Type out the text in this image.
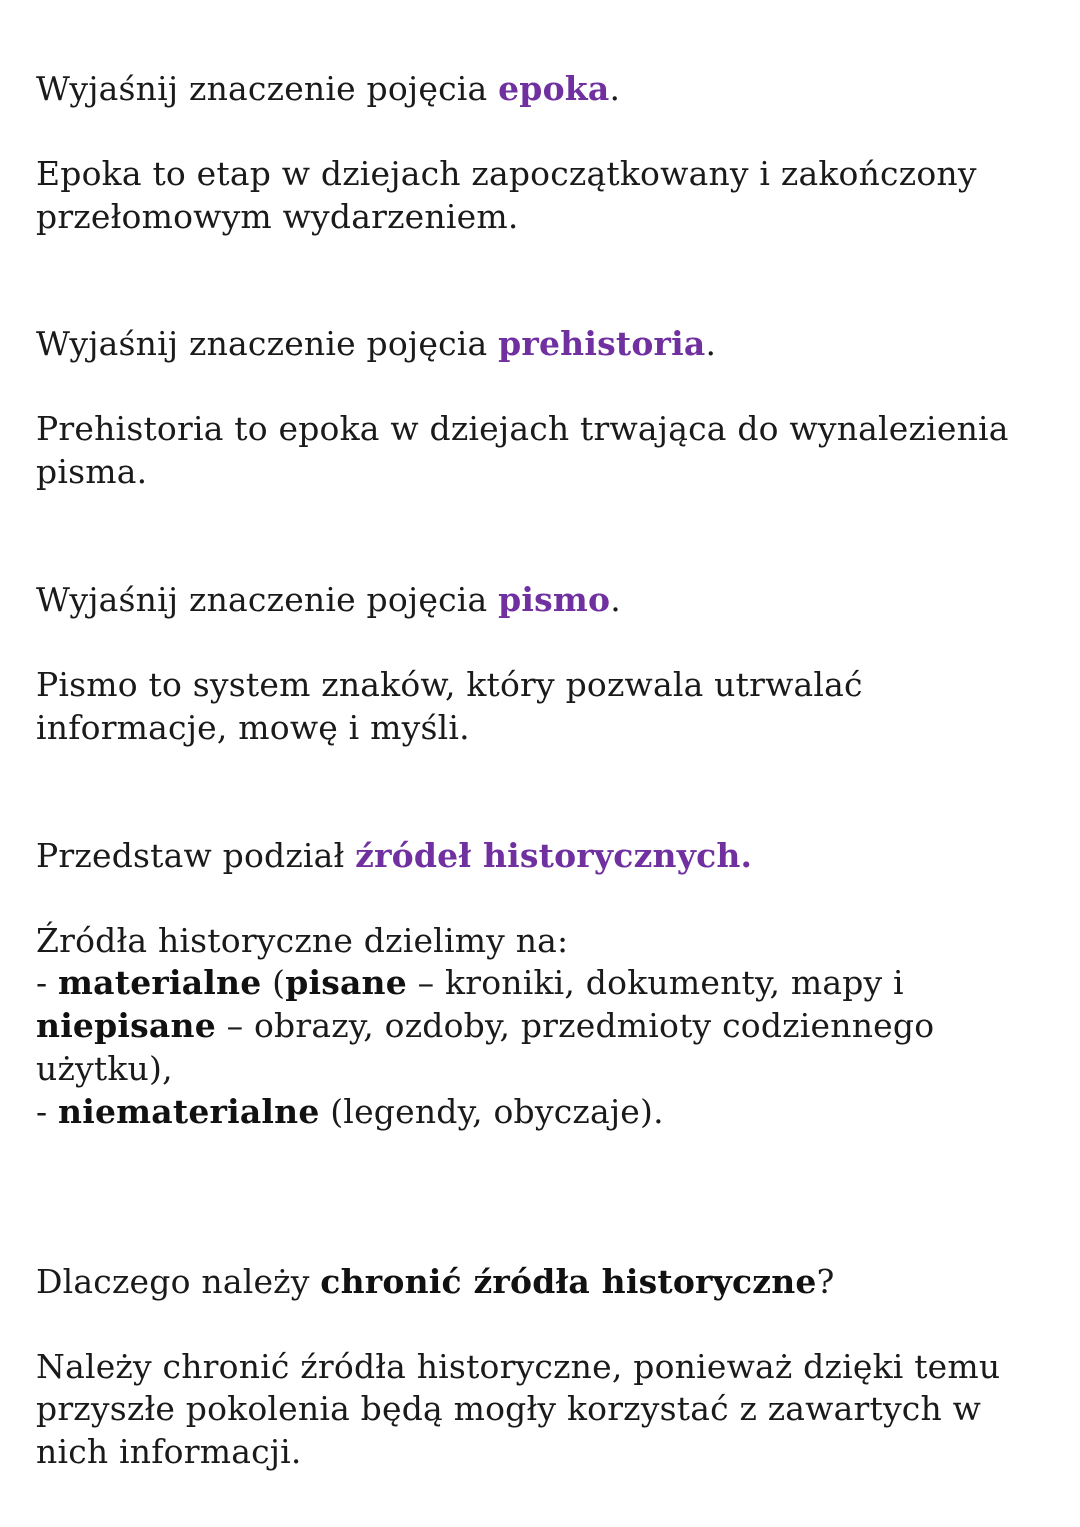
Wyjaśnij znaczenie pojęcia epoka.
Epoka to etap w dziejach zapoczątkowany i zakończony
przełomowym wydarzeniem.
Wyjaśnij znaczenie pojęcia prehistoria.
Prehistoria to epoka w dziejach trwająca do wynalezienia
pisma.
Wyjaśnij znaczenie pojęcia pismo.
Pismo to system znaków, który pozwala utrwalać
informacje, mowę i myśli.
Przedstaw podział źródeł historycznych.
Źródła historyczne dzielimy na:
- materialne (pisane – kroniki, dokumenty, mapy i
niepisane – obrazy, ozdoby, przedmioty codziennego
użytku),
- niematerialne (legendy, obyczaje).
Dlaczego należy chronić źródła historyczne?
Należy chronić źródła historyczne, ponieważ dzięki temu
przyszłe pokolenia będą mogły korzystać z zawartych w
nich informacji.
